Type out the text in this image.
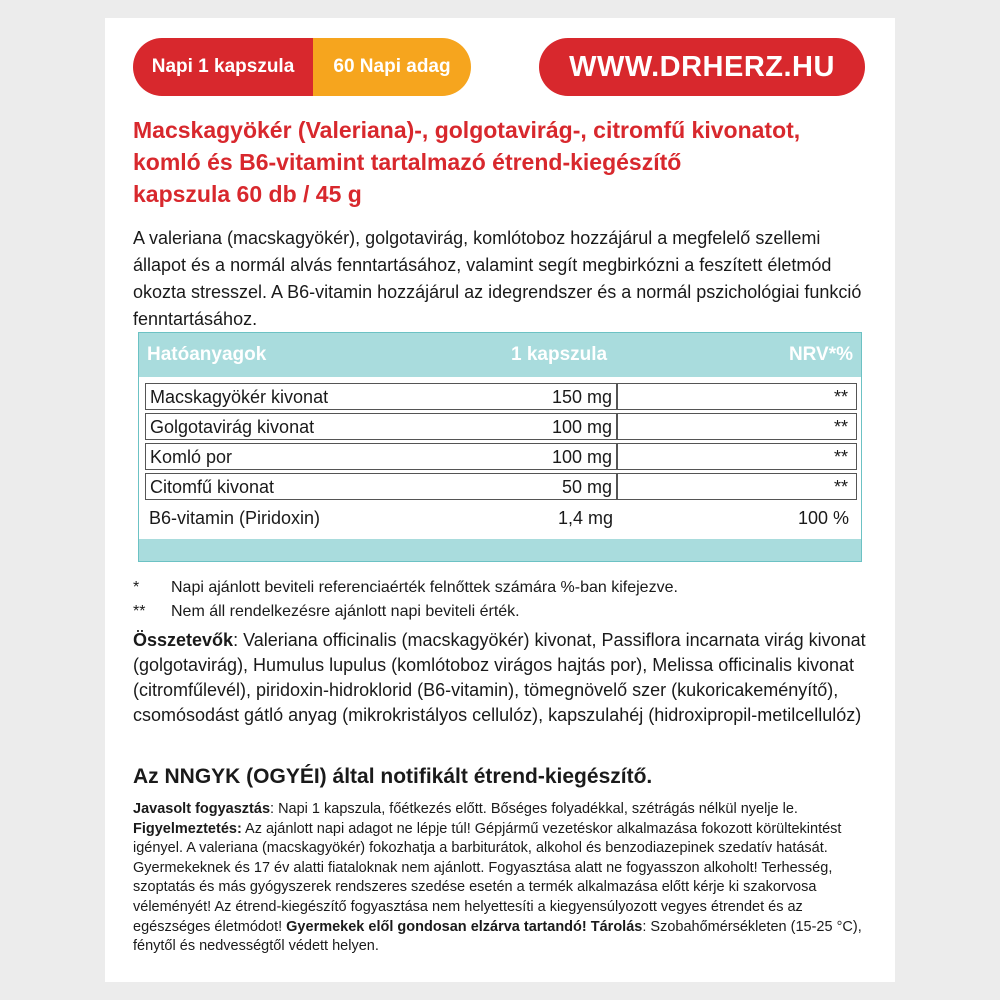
Napi 1 kapszula	60 Napi adag	WWW.DRHERZ.HU
Macskagyökér (Valeriana)-, golgotavirág-, citromfű kivonatot,
komló és B6-vitamint tartalmazó étrend-kiegészítő
kapszula 60 db / 45 g
A valeriana (macskagyökér), golgotavirág, komlótoboz hozzájárul a megfelelő szellemi állapot és a normál alvás fenntartásához, valamint segít megbirkózni a feszített életmód okozta stresszel. A B6-vitamin hozzájárul az idegrendszer és a normál pszichológiai funkció fenntartásához.
Hatóanyagok	1 kapszula	NRV*%
Macskagyökér kivonat	150 mg	**
Golgotavirág kivonat	100 mg	**
Komló por	100 mg	**
Citomfű kivonat	50 mg	**
B6-vitamin (Piridoxin)	1,4 mg	100 %
*	Napi ajánlott beviteli referenciaérték felnőttek számára %-ban kifejezve.
**	Nem áll rendelkezésre ajánlott napi beviteli érték.
Összetevők: Valeriana officinalis (macskagyökér) kivonat, Passiflora incarnata virág kivonat (golgotavirág), Humulus lupulus (komlótoboz virágos hajtás por), Melissa officinalis kivonat (citromfűlevél), piridoxin-hidroklorid (B6-vitamin), tömegnövelő szer (kukoricakeményítő), csomósodást gátló anyag (mikrokristályos cellulóz), kapszulahéj (hidroxipropil-metilcellulóz)
Az NNGYK (OGYÉI) által notifikált étrend-kiegészítő.
Javasolt fogyasztás: Napi 1 kapszula, főétkezés előtt. Bőséges folyadékkal, szétrágás nélkül nyelje le.
Figyelmeztetés: Az ajánlott napi adagot ne lépje túl! Gépjármű vezetéskor alkalmazása fokozott körültekintést igényel. A valeriana (macskagyökér) fokozhatja a barbiturátok, alkohol és benzodiazepinek szedatív hatását. Gyermekeknek és 17 év alatti fiataloknak nem ajánlott. Fogyasztása alatt ne fogyasszon alkoholt! Terhesség, szoptatás és más gyógyszerek rendszeres szedése esetén a termék alkalmazása előtt kérje ki szakorvosa véleményét! Az étrend-kiegészítő fogyasztása nem helyettesíti a kiegyensúlyozott vegyes étrendet és az egészséges életmódot! Gyermekek elől gondosan elzárva tartandó! Tárolás: Szobahőmérsékleten (15-25 °C), fénytől és nedvességtől védett helyen.
